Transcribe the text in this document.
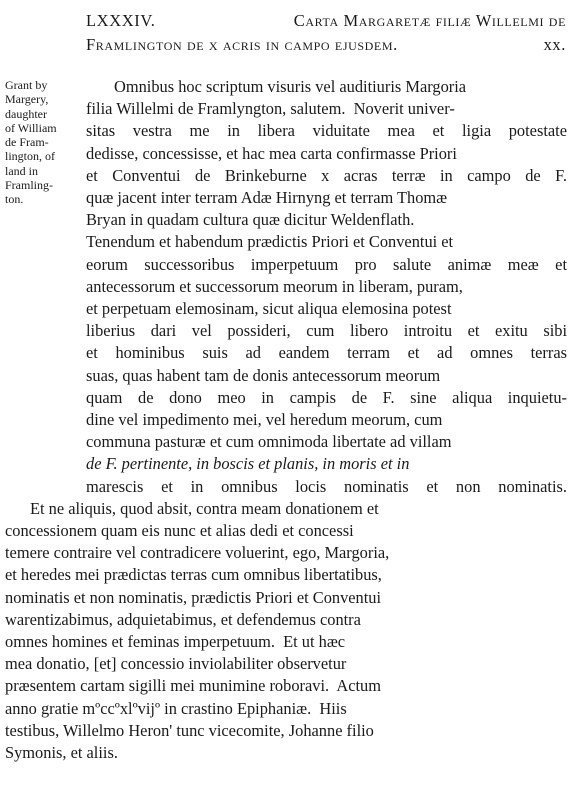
LXXXIV.	Carta Margaretæ filiæ Willelmi de
Framlington de x acris in campo ejusdem.	xx.
Grant by
Margery,
daughter
of William
de Fram-
lington, of
land in
Framling-
ton.
Omnibus hoc scriptum visuris vel auditiuris Margoria
filia Willelmi de Framlyngton, salutem.  Noverit univer-
sitas vestra me in libera viduitate mea et ligia potestate
dedisse, concessisse, et hac mea carta confirmasse Priori
et Conventui de Brinkeburne x acras terræ in campo de F.
quæ jacent inter terram Adæ Hirnyng et terram Thomæ
Bryan in quadam cultura quæ dicitur Weldenflath.
Tenendum et habendum prædictis Priori et Conventui et
eorum successoribus imperpetuum pro salute animæ meæ et
antecessorum et successorum meorum in liberam, puram,
et perpetuam elemosinam, sicut aliqua elemosina potest
liberius dari vel possideri, cum libero introitu et exitu sibi
et hominibus suis ad eandem terram et ad omnes terras
suas, quas habent tam de donis antecessorum meorum
quam de dono meo in campis de F. sine aliqua inquietu-
dine vel impedimento mei, vel heredum meorum, cum
communa pasturæ et cum omnimoda libertate ad villam
de F. pertinente, in boscis et planis, in moris et in
marescis et in omnibus locis nominatis et non nominatis.
Et ne aliquis, quod absit, contra meam donationem et
concessionem quam eis nunc et alias dedi et concessi
temere contraire vel contradicere voluerint, ego, Margoria,
et heredes mei prædictas terras cum omnibus libertatibus,
nominatis et non nominatis, prædictis Priori et Conventui
warentizabimus, adquietabimus, et defendemus contra
omnes homines et feminas imperpetuum.  Et ut hæc
mea donatio, [et] concessio inviolabiliter observetur
præsentem cartam sigilli mei munimine roboravi.  Actum
anno gratie mºccºxlºvijº in crastino Epiphaniæ.  Hiis
testibus, Willelmo Heron' tunc vicecomite, Johanne filio
Symonis, et aliis.
